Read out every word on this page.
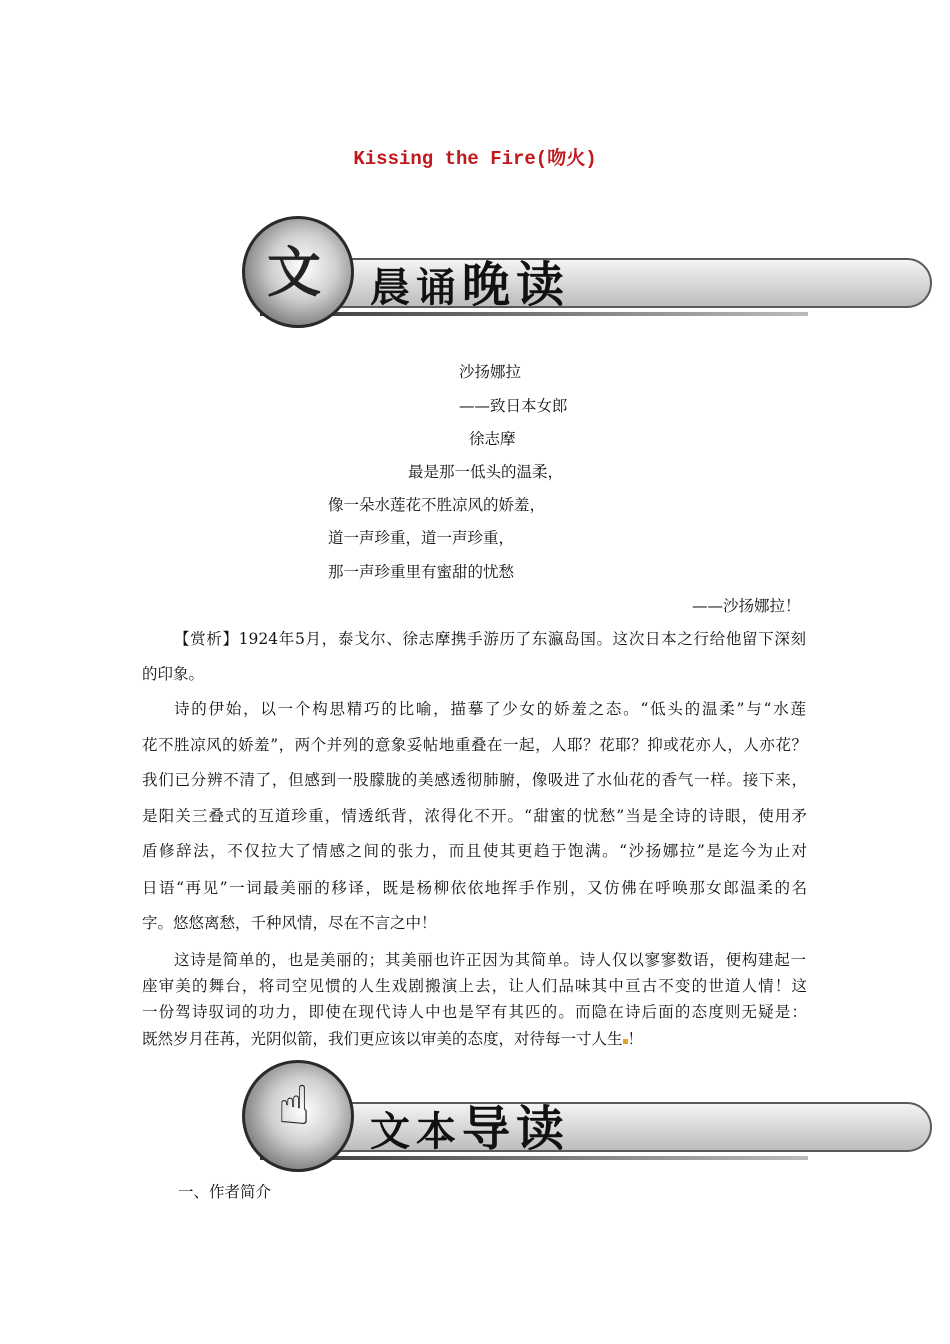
Kissing the Fire(吻火)
文 晨诵晚读
沙扬娜拉
——致日本女郎
徐志摩
最是那一低头的温柔，
像一朵水莲花不胜凉风的娇羞，
道一声珍重，道一声珍重，
那一声珍重里有蜜甜的忧愁
——沙扬娜拉！
【赏析】1924年5月，泰戈尔、徐志摩携手游历了东瀛岛国。这次日本之行给他留下深刻
的印象。
诗的伊始，以一个构思精巧的比喻，描摹了少女的娇羞之态。“低头的温柔”与“水莲
花不胜凉风的娇羞”，两个并列的意象妥帖地重叠在一起，人耶？花耶？抑或花亦人，人亦花？
我们已分辨不清了，但感到一股朦胧的美感透彻肺腑，像吸进了水仙花的香气一样。接下来，
是阳关三叠式的互道珍重，情透纸背，浓得化不开。“甜蜜的忧愁”当是全诗的诗眼，使用矛
盾修辞法，不仅拉大了情感之间的张力，而且使其更趋于饱满。“沙扬娜拉”是迄今为止对
日语“再见”一词最美丽的移译，既是杨柳依依地挥手作别，又仿佛在呼唤那女郎温柔的名
字。悠悠离愁，千种风情，尽在不言之中！
这诗是简单的，也是美丽的；其美丽也许正因为其简单。诗人仅以寥寥数语，便构建起一
座审美的舞台，将司空见惯的人生戏剧搬演上去，让人们品味其中亘古不变的世道人情！这
一份驾诗驭词的功力，即使在现代诗人中也是罕有其匹的。而隐在诗后面的态度则无疑是：
既然岁月荏苒，光阴似箭，我们更应该以审美的态度，对待每一寸人生 ！
☝	文本导读
一、作者简介
